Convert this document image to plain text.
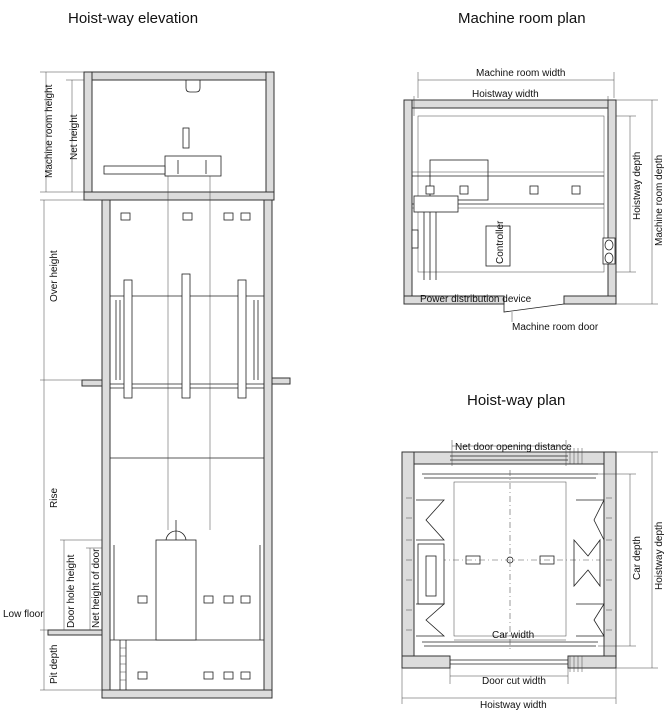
Hoist-way elevation	Machine room plan
Hoist-way plan
Machine room height Net height
Over height
Rise
Door hole height Net height of door
Low floor
Pit depth
Controller
Machine room width
Hoistway width
Hoistway depth Machine room depth
Power distribution device
Machine room door
Net door opening distance
Car depth Hoistway depth
Car width
Door cut width
Hoistway width
